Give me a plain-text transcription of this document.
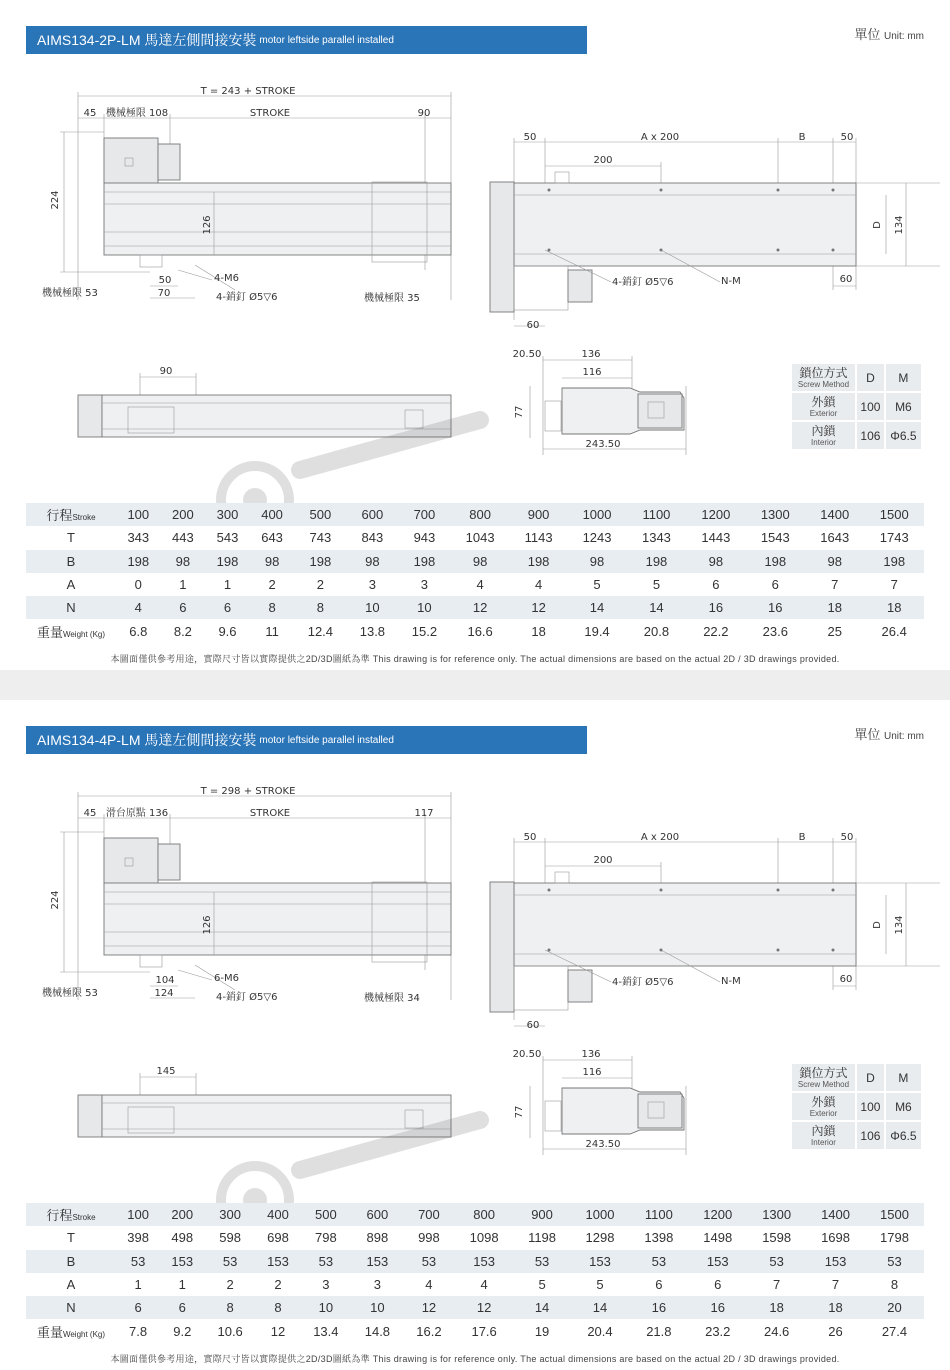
AIMS134-2P-LM 馬達左側間接安裝 motor leftside parallel installed	單位 Unit: mm
T = 243 + STROKE
45 機械極限 108	STROKE	90
224
126
50
70
4-M6
4-銷釘 Ø5▽6
機械極限 53	機械極限 35
50	A x 200	B	50
200
D 134
4-銷釘 Ø5▽6	N-M
60
60
90
20.50	136
116
77
243.50
鎖位方式
Screw Method	D	M

外鎖
Exterior	100	M6

內鎖
Interior	106	Φ6.5
行程Stroke	100	200	300	400	500	600	700	800	900	1000	1100	1200	1300	1400	1500
T	343	443	543	643	743	843	943	1043	1143	1243	1343	1443	1543	1643	1743
B	198	98	198	98	198	98	198	98	198	98	198	98	198	98	198
A	0	1	1	2	2	3	3	4	4	5	5	6	6	7	7
N	4	6	6	8	8	10	10	12	12	14	14	16	16	18	18
重量Weight (Kg)	6.8	8.2	9.6	11	12.4	13.8	15.2	16.6	18	19.4	20.8	22.2	23.6	25	26.4
本圖面僅供參考用途，實際尺寸皆以實際提供之2D/3D圖紙為準 This drawing is for reference only. The actual dimensions are based on the actual 2D / 3D drawings provided.
AIMS134-4P-LM 馬達左側間接安裝 motor leftside parallel installed	單位 Unit: mm
T = 298 + STROKE
45 滑台原點 136	STROKE	117
224
126
104
124
6-M6
4-銷釘 Ø5▽6
機械極限 53	機械極限 34
50	A x 200	B	50
200
D 134
4-銷釘 Ø5▽6	N-M
60
60
145
20.50	136
116
77
243.50
鎖位方式
Screw Method	D	M

外鎖
Exterior	100	M6

內鎖
Interior	106	Φ6.5
行程Stroke	100	200	300	400	500	600	700	800	900	1000	1100	1200	1300	1400	1500
T	398	498	598	698	798	898	998	1098	1198	1298	1398	1498	1598	1698	1798
B	53	153	53	153	53	153	53	153	53	153	53	153	53	153	53
A	1	1	2	2	3	3	4	4	5	5	6	6	7	7	8
N	6	6	8	8	10	10	12	12	14	14	16	16	18	18	20
重量Weight (Kg)	7.8	9.2	10.6	12	13.4	14.8	16.2	17.6	19	20.4	21.8	23.2	24.6	26	27.4
本圖面僅供參考用途，實際尺寸皆以實際提供之2D/3D圖紙為準 This drawing is for reference only. The actual dimensions are based on the actual 2D / 3D drawings provided.
